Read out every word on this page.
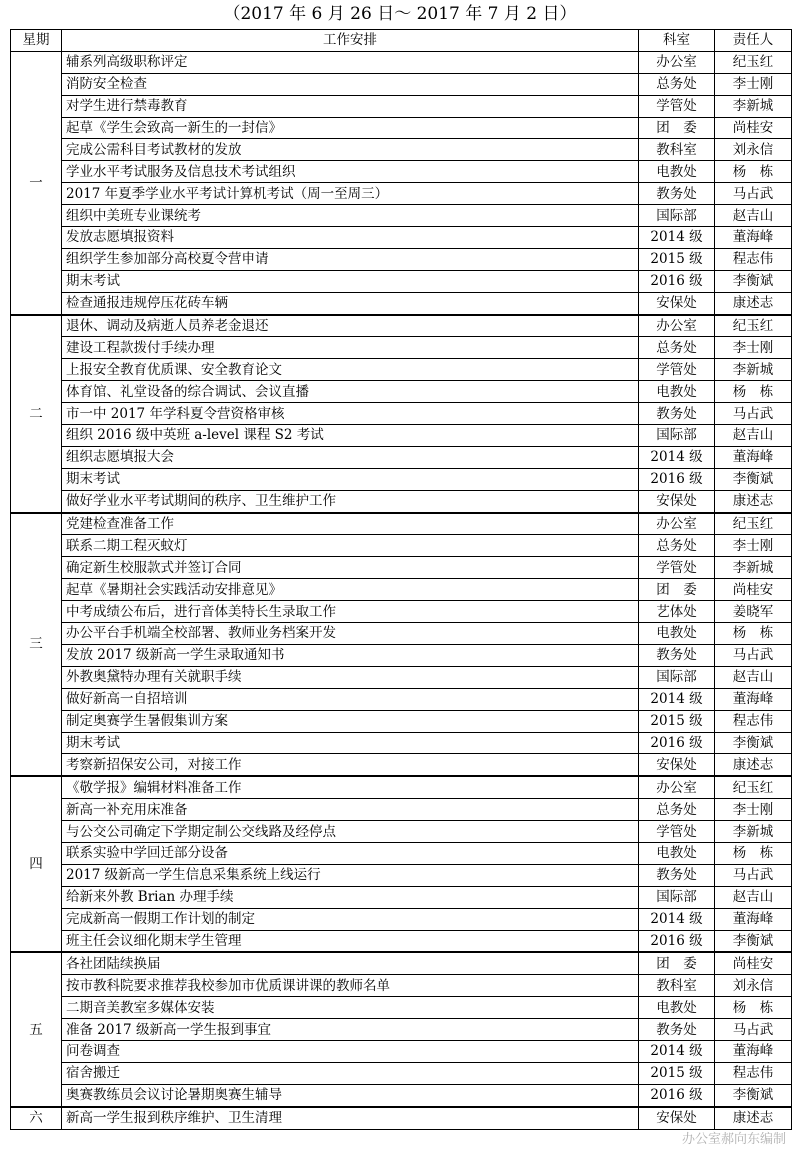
（2017 年 6 月 26 日～ 2017 年 7 月 2 日）
星期	工作安排	科室	责任人
一	辅系列高级职称评定	办公室	纪玉红
	消防安全检查	总务处	李士刚
	对学生进行禁毒教育	学管处	李新城
	起草《学生会致高一新生的一封信》	团　委	尚桂安
	完成公需科目考试教材的发放	教科室	刘永信
	学业水平考试服务及信息技术考试组织	电教处	杨　栋
	2017 年夏季学业水平考试计算机考试（周一至周三）	教务处	马占武
	组织中美班专业课统考	国际部	赵吉山
	发放志愿填报资料	2014 级	董海峰
	组织学生参加部分高校夏令营申请	2015 级	程志伟
	期末考试	2016 级	李衡斌
	检查通报违规停压花砖车辆	安保处	康述志
二	退休、调动及病逝人员养老金退还	办公室	纪玉红
	建设工程款拨付手续办理	总务处	李士刚
	上报安全教育优质课、安全教育论文	学管处	李新城
	体育馆、礼堂设备的综合调试、会议直播	电教处	杨　栋
	市一中 2017 年学科夏令营资格审核	教务处	马占武
	组织 2016 级中英班 a-level 课程 S2 考试	国际部	赵吉山
	组织志愿填报大会	2014 级	董海峰
	期末考试	2016 级	李衡斌
	做好学业水平考试期间的秩序、卫生维护工作	安保处	康述志
三	党建检查准备工作	办公室	纪玉红
	联系二期工程灭蚊灯	总务处	李士刚
	确定新生校服款式并签订合同	学管处	李新城
	起草《暑期社会实践活动安排意见》	团　委	尚桂安
	中考成绩公布后，进行音体美特长生录取工作	艺体处	姜晓军
	办公平台手机端全校部署、教师业务档案开发	电教处	杨　栋
	发放 2017 级新高一学生录取通知书	教务处	马占武
	外教奥黛特办理有关就职手续	国际部	赵吉山
	做好新高一自招培训	2014 级	董海峰
	制定奥赛学生暑假集训方案	2015 级	程志伟
	期末考试	2016 级	李衡斌
	考察新招保安公司，对接工作	安保处	康述志
四	《敬学报》编辑材料准备工作	办公室	纪玉红
	新高一补充用床准备	总务处	李士刚
	与公交公司确定下学期定制公交线路及经停点	学管处	李新城
	联系实验中学回迁部分设备	电教处	杨　栋
	2017 级新高一学生信息采集系统上线运行	教务处	马占武
	给新来外教 Brian 办理手续	国际部	赵吉山
	完成新高一假期工作计划的制定	2014 级	董海峰
	班主任会议细化期末学生管理	2016 级	李衡斌
五	各社团陆续换届	团　委	尚桂安
	按市教科院要求推荐我校参加市优质课讲课的教师名单	教科室	刘永信
	二期音美教室多媒体安装	电教处	杨　栋
	准备 2017 级新高一学生报到事宜	教务处	马占武
	问卷调查	2014 级	董海峰
	宿舍搬迁	2015 级	程志伟
	奥赛教练员会议讨论暑期奥赛生辅导	2016 级	李衡斌
六	新高一学生报到秩序维护、卫生清理	安保处	康述志
办公室郝向东编制
